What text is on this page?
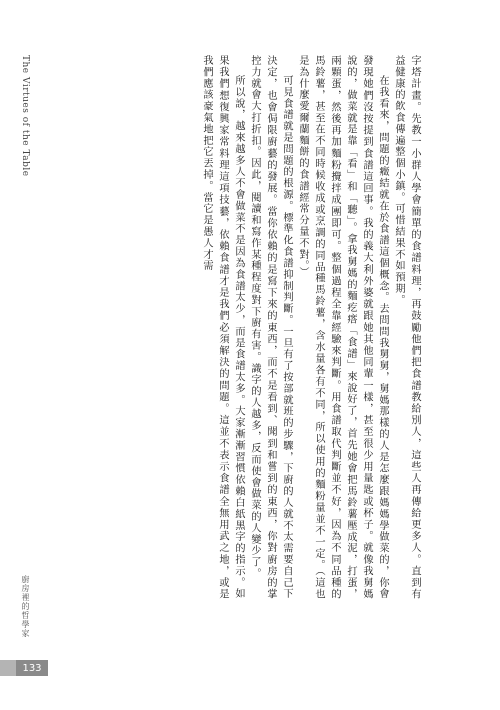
The Virtues of the Table	字塔計畫。先教一小群人學會簡單的食譜料理，再鼓勵他們把食譜教給別人，這些人再傳給更多人。直到有益健康的飲食傳遍整個小鎮。可惜結果不如預期。

在我看來，問題的癥結就在於食譜這個概念。去問問我舅舅，舅媽那樣的人是怎麼跟媽媽學做菜的，你會發現她們沒按提到食譜這回事。我的義大利外婆就跟她其他同輩一樣，甚至很少用量匙或杯子。就像我舅媽說的，做菜就是靠「看」和「聽」。拿我舅媽的麵疙瘩「食譜」來說好了，首先她會把馬鈴薯壓成泥，打蛋，兩顆蛋，然後再加麵粉攪拌成團即可。整個過程全靠經驗來判斷。用食譜取代判斷並不好，因為不同品種的馬鈴薯，甚至在不同時候收成或烹調的同品種馬鈴薯，含水量各有不同，所以使用的麵粉量並不一定。（這也是為什麼愛爾蘭麵餅的食譜經常分量不對。）

可見食譜就是問題的根源。標準化食譜抑制判斷。一旦有了按部就班的步驟，下廚的人就不太需要自己下決定，也會侷限廚藝的發展。當你依賴的是寫下來的東西，而不是看到、聞到和嘗到的東西，你對廚房的掌控力就會大打折扣。因此，閱讀和寫作某種程度對下廚有害。識字的人越多，反而使會做菜的人變少了。

所以說，越來越多人不會做菜不是因為食譜太少，而是食譜太多。大家漸漸習慣依賴白紙黑字的指示。如果我們想復興家常料理這項技藝，依賴食譜才是我們必須解決的問題。這並不表示食譜全無用武之地，或是我們應該豪氣地把它丟掉。當它是愚人才需

廚房裡的哲學家
133
